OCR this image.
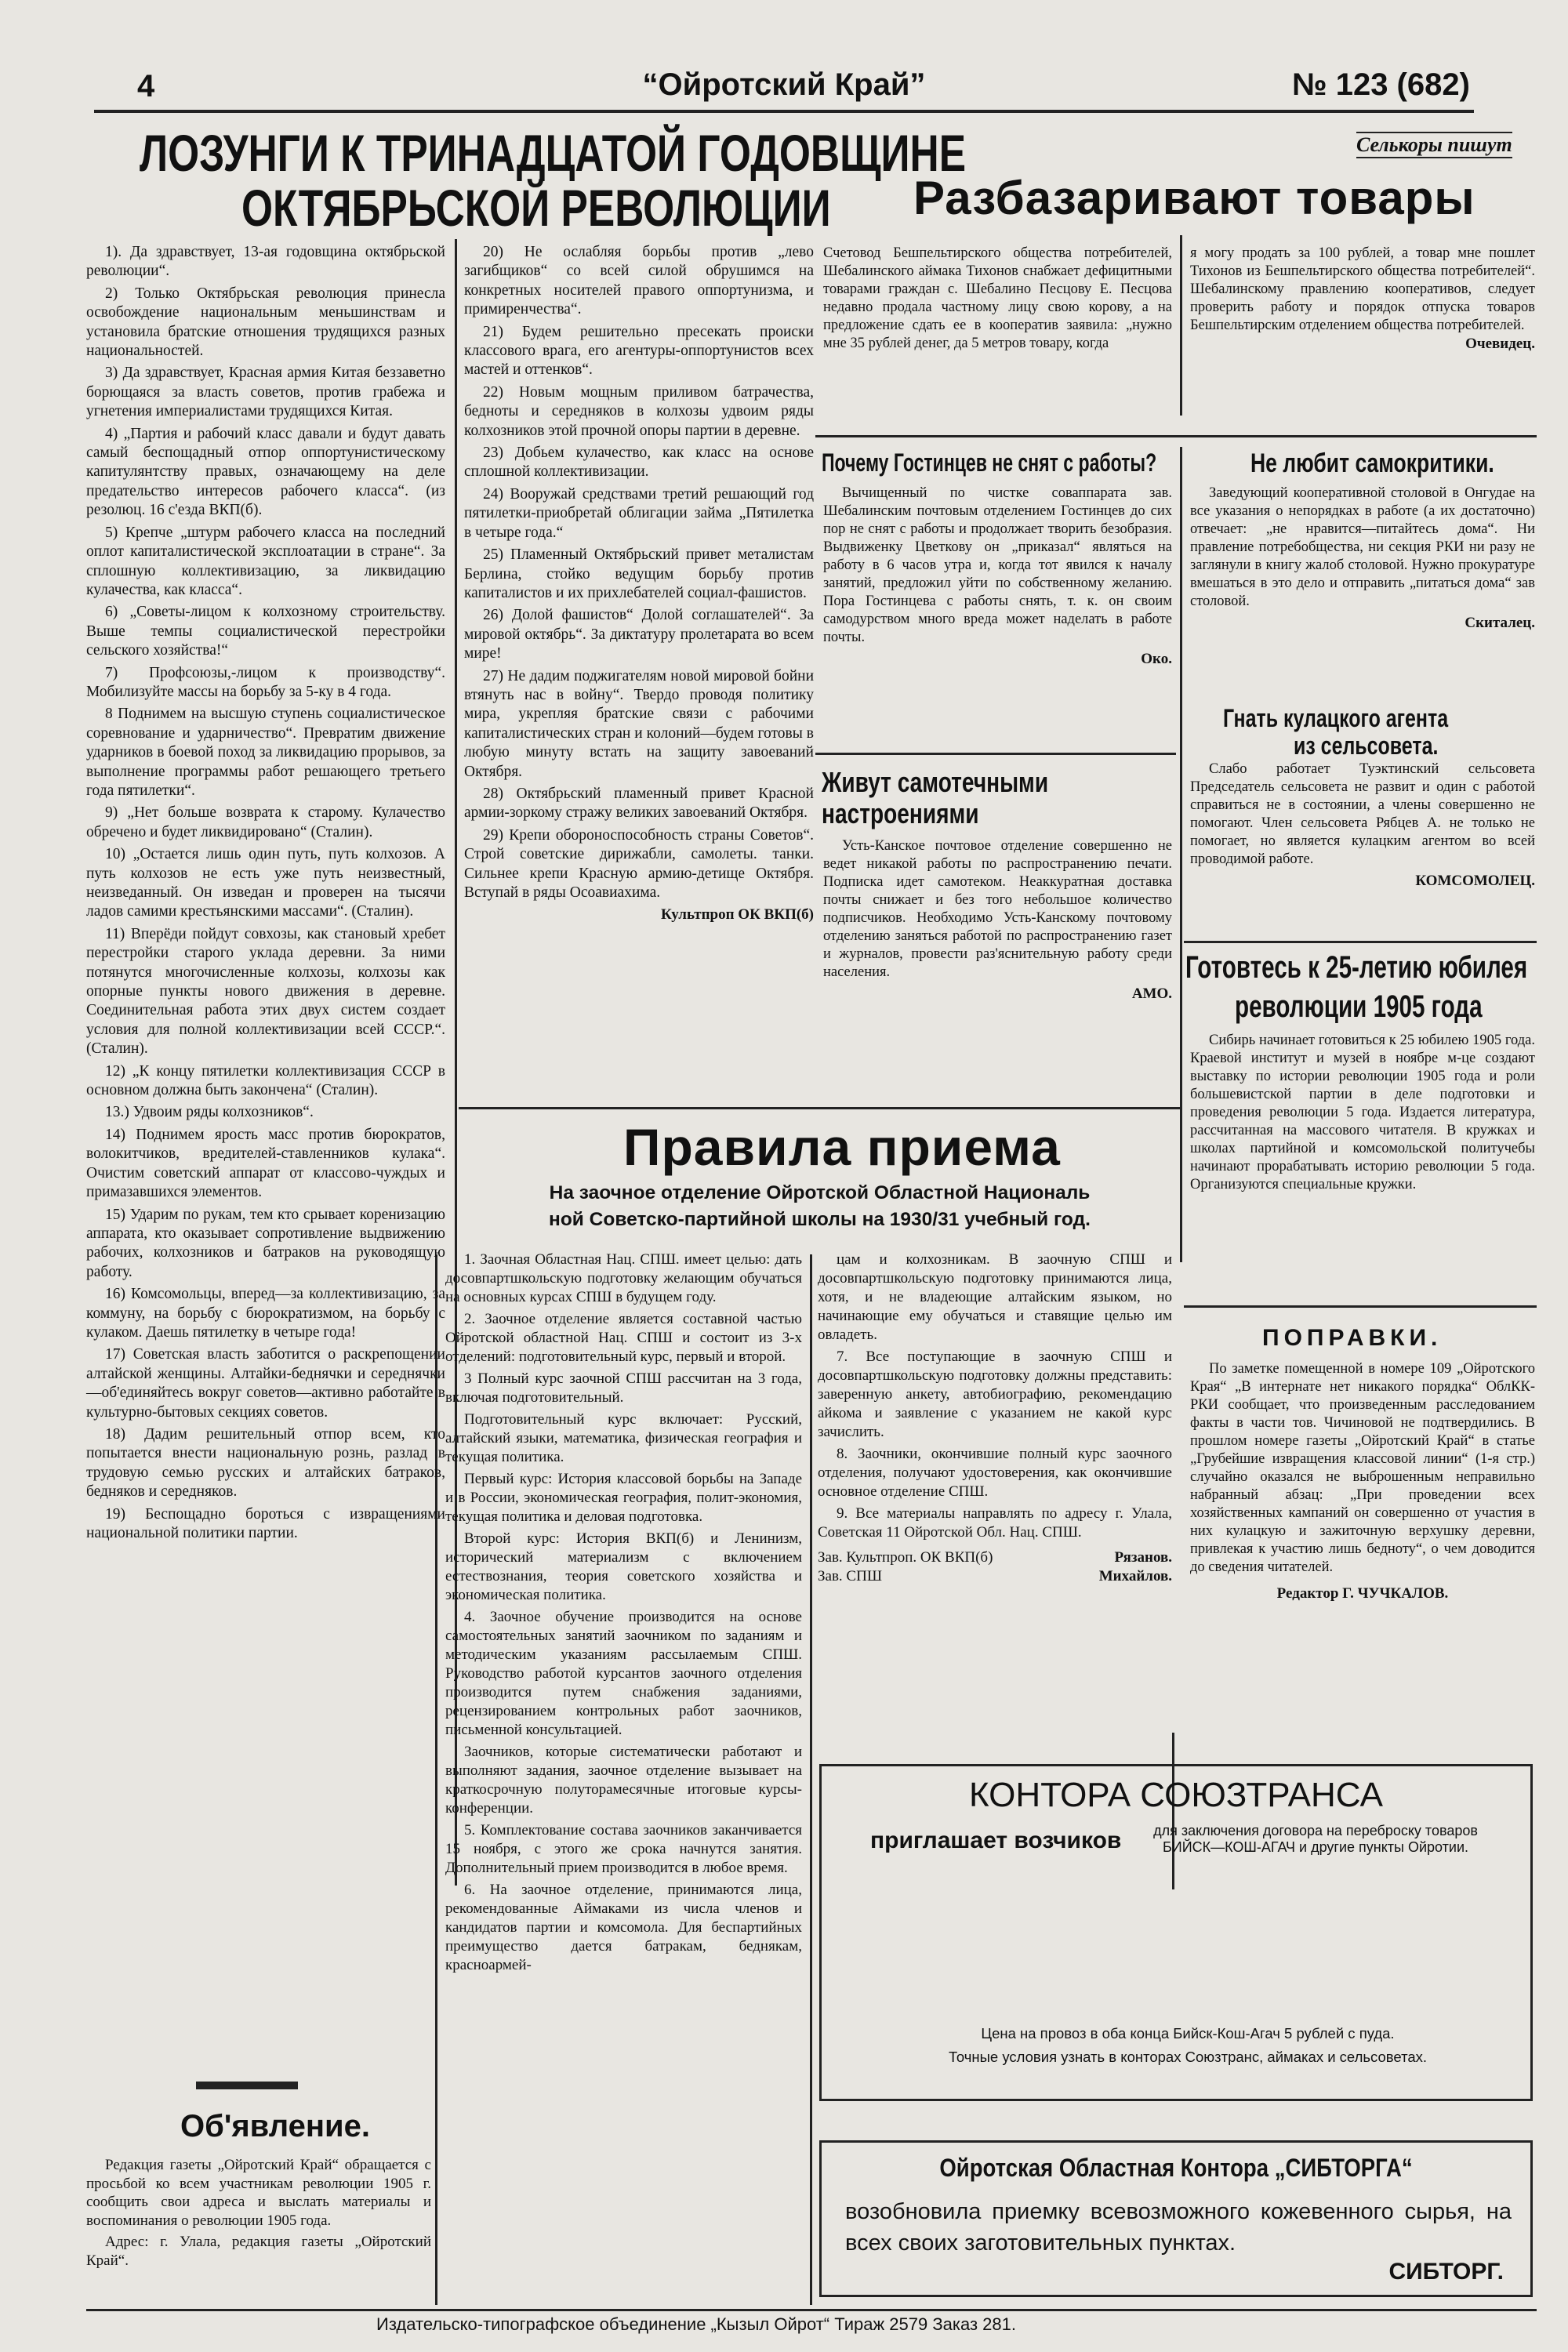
4	“Ойротский Край”	№ 123 (682)
ЛОЗУНГИ К ТРИНАДЦАТОЙ ГОДОВЩИНЕ
ОКТЯБРЬСКОЙ РЕВОЛЮЦИИ

1). Да здравствует, 13-ая годовщина октябрьской революции“.

2) Только Октябрьская революция принесла освобождение национальным меньшинствам и установила братские отношения трудящихся разных национальностей.

3) Да здравствует, Красная армия Китая беззаветно борющаяся за власть советов, против грабежа и угнетения империалистами трудящихся Китая.

4) „Партия и рабочий класс давали и будут давать самый беспощадный отпор оппортунистическому капитулянтству правых, означающему на деле предательство интересов рабочего класса“. (из резолюц. 16 с'езда ВКП(б).

5) Крепче „штурм рабочего класса на последний оплот капиталистической эксплоатации в стране“. За сплошную коллективизацию, за ликвидацию кулачества, как класса“.

6) „Советы-лицом к колхозному строительству. Выше темпы социалистической перестройки сельского хозяйства!“

7) Профсоюзы,-лицом к производству“. Мобилизуйте массы на борьбу за 5-ку в 4 года.

8 Поднимем на высшую ступень социалистическое соревнование и ударничество“. Превратим движение ударников в боевой поход за ликвидацию прорывов, за выполнение программы работ решающего третьего года пятилетки“.

9) „Нет больше возврата к старому. Кулачество обречено и будет ликвидировано“ (Сталин).

10) „Остается лишь один путь, путь колхозов. А путь колхозов не есть уже путь неизвестный, неизведанный. Он изведан и проверен на тысячи ладов самими крестьянскими массами“. (Сталин).

11) Вперёди пойдут совхозы, как становый хребет перестройки старого уклада деревни. За ними потянутся многочисленные колхозы, колхозы как опорные пункты нового движения в деревне. Соединительная работа этих двух систем создает условия для полной коллективизации всей СССР.“. (Сталин).

12) „К концу пятилетки коллективизация СССР в основном должна быть закончена“ (Сталин).

13.) Удвоим ряды колхозников“.

14) Поднимем ярость масс против бюрократов, волокитчиков, вредителей-ставленников кулака“. Очистим советский аппарат от классово-чуждых и примазавшихся элементов.

15) Ударим по рукам, тем кто срывает коренизацию аппарата, кто оказывает сопротивление выдвижению рабочих, колхозников и батраков на руководящую работу.

16) Комсомольцы, вперед—за коллективизацию, за коммуну, на борьбу с бюрократизмом, на борьбу с кулаком. Даешь пятилетку в четыре года!

17) Советская власть заботится о раскрепощении алтайской женщины. Алтайки-беднячки и середнячки—об'единяйтесь вокруг советов—активно работайте в культурно-бытовых секциях советов.

18) Дадим решительный отпор всем, кто попытается внести национальную рознь, разлад в трудовую семью русских и алтайских батраков, бедняков и середняков.

19) Беспощадно бороться с извращениями национальной политики партии.

20) Не ослабляя борьбы против „лево загибщиков“ со всей силой обрушимся на конкретных носителей правого оппортунизма, и примиренчества“.

21) Будем решительно пресекать происки классового врага, его агентуры-оппортунистов всех мастей и оттенков“.

22) Новым мощным приливом батрачества, бедноты и середняков в колхозы удвоим ряды колхозников этой прочной опоры партии в деревне.

23) Добьем кулачество, как класс на основе сплошной коллективизации.

24) Вооружай средствами третий решающий год пятилетки-приобретай облигации займа „Пятилетка в четыре года.“

25) Пламенный Октябрьский привет металистам Берлина, стойко ведущим борьбу против капиталистов и их прихлебателей социал-фашистов.

26) Долой фашистов“ Долой соглашателей“. За мировой октябрь“. За диктатуру пролетарата во всем мире!

27) Не дадим поджигателям новой мировой бойни втянуть нас в войну“. Твердо проводя политику мира, укрепляя братские связи с рабочими капиталистических стран и колоний—будем готовы в любую минуту встать на защиту завоеваний Октября.

28) Октябрьский пламенный привет Красной армии-зоркому стражу великих завоеваний Октября.

29) Крепи обороноспособность страны Советов“. Строй советские дирижабли, самолеты. танки. Сильнее крепи Красную армию-детище Октября. Вступай в ряды Осоавиахима.

Культпроп ОК ВКП(б)
Об'явление.

Редакция газеты „Ойротский Край“ обращается с просьбой ко всем участникам революции 1905 г. сообщить свои адреса и выслать материалы и воспоминания о революции 1905 года.

Адрес: г. Улала, редакция газеты „Ойротский Край“.

Селькоры пишут
Разбазаривают товары
Счетовод Бешпельтирского общества потребителей, Шебалинского аймака Тихонов снабжает дефицитными товарами граждан с. Шебалино Песцову Е. Песцова недавно продала частному лицу свою корову, а на предложение сдать ее в кооператив заявила: „нужно мне 35 рублей денег, да 5 метров товару, когда
я могу продать за 100 рублей, а товар мне пошлет Тихонов из Бешпельтирского общества потребителей“. Шебалинскому правлению кооперативов, следует проверить работу и порядок отпуска товаров Бешпельтирским отделением общества потребителей.
Очевидец.
Почему Гостинцев не снят с работы?

Вычищенный по чистке соваппарата зав. Шебалинским почтовым отделением Гостинцев до сих пор не снят с работы и продолжает творить безобразия. Выдвиженку Цветкову он „приказал“ являться на работу в 6 часов утра и, когда тот явился к началу занятий, предложил уйти по собственному желанию. Пора Гостинцева с работы снять, т. к. он своим самодурством много вреда может наделать в работе почты.

Око.
Живут самотечными настроениями

Усть-Канское почтовое отделение совершенно не ведет никакой работы по распространению печати. Подписка идет самотеком. Неаккуратная доставка почты снижает и без того небольшое количество подписчиков. Необходимо Усть-Канскому почтовому отделению заняться работой по распространению газет и журналов, провести раз'яснительную работу среди населения.

АМО.
Не любит самокритики.

Заведующий кооперативной столовой в Онгудае на все указания о непорядках в работе (а их достаточно) отвечает: „не нравится—питайтесь дома“. Ни правление потребобщества, ни секция РКИ ни разу не заглянули в книгу жалоб столовой. Нужно прокуратуре вмешаться в это дело и отправить „питаться дома“ зав столовой.

Скиталец.
Гнать кулацкого агента
из сельсовета.

Слабо работает Туэктинский сельсовета Председатель сельсовета не развит и один с работой справиться не в состоянии, а члены совершенно не помогают. Член сельсовета Рябцев А. не только не помогает, но является кулацким агентом во всей проводимой работе.

КОМСОМОЛЕЦ.
Готовтесь к 25-летию юбилея
революции 1905 года

Сибирь начинает готовиться к 25 юбилею 1905 года. Краевой институт и музей в ноябре м-це создают выставку по истории революции 1905 года и роли большевистской партии в деле подготовки и проведения революции 5 года. Издается литература, рассчитанная на массового читателя. В кружках и школах партийной и комсомольской политучебы начинают прорабатывать историю революции 5 года. Организуются специальные кружки.

Правила приема
На заочное отделение Ойротской Областной Националь
ной Советско-партийной школы на 1930/31 учебный год.

1. Заочная Областная Нац. СПШ. имеет целью: дать досовпартшкольскую подготовку желающим обучаться на основных курсах СПШ в будущем году.

2. Заочное отделение является составной частью Ойротской областной Нац. СПШ и состоит из 3-х отделений: подготовительный курс, первый и второй.

3 Полный курс заочной СПШ рассчитан на 3 года, включая подготовительный.

Подготовительный курс включает: Русский, алтайский языки, математика, физическая география и текущая политика.

Первый курс: История классовой борьбы на Западе и в России, экономическая география, полит-экономия, текущая политика и деловая подготовка.

Второй курс: История ВКП(б) и Ленинизм, исторический материализм с включением естествознания, теория советского хозяйства и экономическая политика.

4. Заочное обучение производится на основе самостоятельных занятий заочником по заданиям и методическим указаниям рассылаемым СПШ. Руководство работой курсантов заочного отделения производится путем снабжения заданиями, рецензированием контрольных работ заочников, письменной консультацией.

Заочников, которые систематически работают и выполняют задания, заочное отделение вызывает на краткосрочную полуторамесячные итоговые курсы-конференции.

5. Комплектование состава заочников заканчивается 15 ноября, с этого же срока начнутся занятия. Дополнительный прием производится в любое время.

6. На заочное отделение, принимаются лица, рекомендованные Аймаками из числа членов и кандидатов партии и комсомола. Для беспартийных преимущество дается батракам, беднякам, красноармей-

цам и колхозникам. В заочную СПШ и досовпартшкольскую подготовку принимаются лица, хотя, и не владеющие алтайским языком, но начинающие ему обучаться и ставящие целью им овладеть.

7. Все поступающие в заочную СПШ и досовпартшкольскую подготовку должны представить: заверенную анкету, автобиографию, рекомендацию айкома и заявление с указанием не какой курс зачислить.

8. Заочники, окончившие полный курс заочного отделения, получают удостоверения, как окончившие основное отделение СПШ.

9. Все материалы направлять по адресу г. Улала, Советская 11 Ойротской Обл. Нац. СПШ.

Зав. Культпроп. ОК ВКП(б)	Рязанов.
Зав. СПШ	Михайлов.
ПОПРАВКИ.

По заметке помещенной в номере 109 „Ойротского Края“ „В интернате нет никакого порядка“ ОблКК-РКИ сообщает, что произведенным расследованием факты в части тов. Чичиновой не подтвердились. В прошлом номере газеты „Ойротский Край“ в статье „Грубейшие извращения классовой линии“ (1-я стр.) случайно оказался не выброшенным неправильно набранный абзац: „При проведении всех хозяйственных кампаний он совершенно от участия в них кулацкую и зажиточную верхушку деревни, привлекая к участию лишь бедноту“, о чем доводится до сведения читателей.

Редактор Г. ЧУЧКАЛОВ.
КОНТОРА СОЮЗТРАНСА
приглашает возчиков	для заключения договора на переброску товаров БИЙСК—КОШ-АГАЧ и другие пункты Ойротии.
Цена на провоз в оба конца Бийск-Кош-Агач 5 рублей с пуда.
Точные условия узнать в конторах Союзтранс, аймаках и сельсоветах.
Ойротская Областная Контора „СИБТОРГА“
возобновила приемку всевозможного кожевенного сырья, на всех своих заготовительных пунктах.
СИБТОРГ.
Издательско-типографское объединение „Кызыл Ойрот“ Тираж 2579 Заказ 281.
